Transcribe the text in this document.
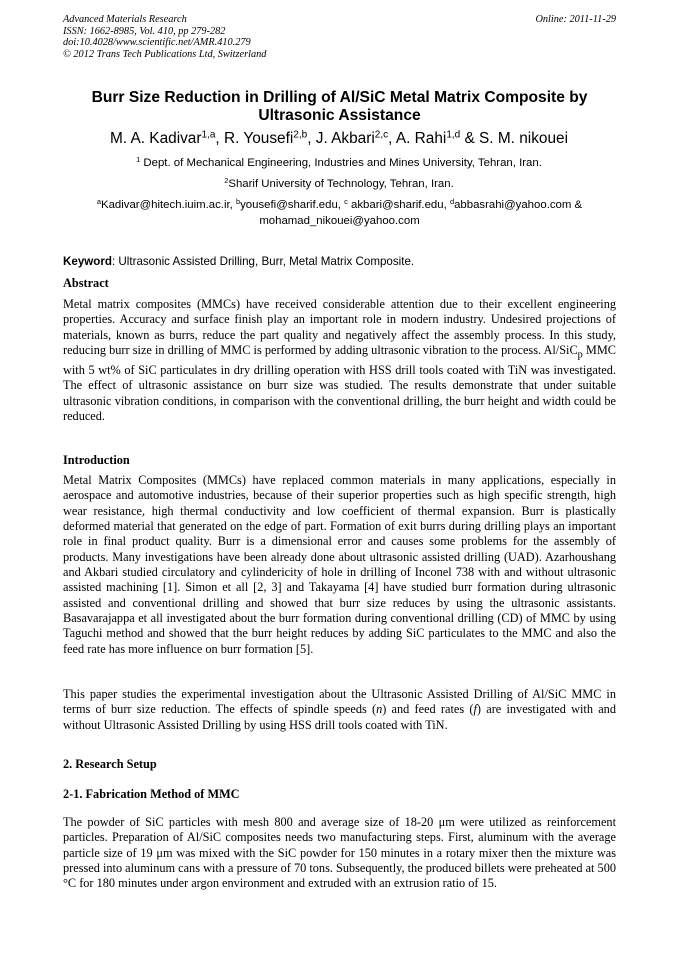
Advanced Materials Research
ISSN: 1662-8985, Vol. 410, pp 279-282
doi:10.4028/www.scientific.net/AMR.410.279
© 2012 Trans Tech Publications Ltd, Switzerland
Online: 2011-11-29
Burr Size Reduction in Drilling of Al/SiC Metal Matrix Composite by Ultrasonic Assistance
M. A. Kadivar$^{1,a}$, R. Yousefi$^{2,b}$, J. Akbari$^{2,c}$, A. Rahi$^{1,d}$ & S. M. nikouei
$^1$ Dept. of Mechanical Engineering, Industries and Mines University, Tehran, Iran.
$^2$Sharif University of Technology, Tehran, Iran.
$^a$Kadivar@hitech.iuim.ac.ir, $^b$yousefi@sharif.edu, $^c$ akbari@sharif.edu, $^d$abbasrahi@yahoo.com &
mohamad_nikouei@yahoo.com
Keyword: Ultrasonic Assisted Drilling, Burr, Metal Matrix Composite.
Abstract
Metal matrix composites (MMCs) have received considerable attention due to their excellent engineering properties. Accuracy and surface finish play an important role in modern industry. Undesired projections of materials, known as burrs, reduce the part quality and negatively affect the assembly process. In this study, reducing burr size in drilling of MMC is performed by adding ultrasonic vibration to the process. Al/SiC$_p$ MMC with 5 wt% of SiC particulates in dry drilling operation with HSS drill tools coated with TiN was investigated. The effect of ultrasonic assistance on burr size was studied. The results demonstrate that under suitable ultrasonic vibration conditions, in comparison with the conventional drilling, the burr height and width could be reduced.
Introduction
Metal Matrix Composites (MMCs) have replaced common materials in many applications, especially in aerospace and automotive industries, because of their superior properties such as high specific strength, high wear resistance, high thermal conductivity and low coefficient of thermal expansion. Burr is plastically deformed material that generated on the edge of part. Formation of exit burrs during drilling plays an important role in final product quality. Burr is a dimensional error and causes some problems for the assembly of products. Many investigations have been already done about ultrasonic assisted drilling (UAD). Azarhoushang and Akbari studied circulatory and cylindericity of hole in drilling of Inconel 738 with and without ultrasonic assisted machining [1]. Simon et all [2, 3] and Takayama [4] have studied burr formation during ultrasonic assisted and conventional drilling and showed that burr size reduces by using the ultrasonic assistants. Basavarajappa et all investigated about the burr formation during conventional drilling (CD) of MMC by using Taguchi method and showed that the burr height reduces by adding SiC particulates to the MMC and also the feed rate has more influence on burr formation [5].
This paper studies the experimental investigation about the Ultrasonic Assisted Drilling of Al/SiC MMC in terms of burr size reduction. The effects of spindle speeds (n) and feed rates (f) are investigated with and without Ultrasonic Assisted Drilling by using HSS drill tools coated with TiN.
2. Research Setup
2-1. Fabrication Method of MMC
The powder of SiC particles with mesh 800 and average size of 18-20 μm were utilized as reinforcement particles. Preparation of Al/SiC composites needs two manufacturing steps. First, aluminum with the average particle size of 19 μm was mixed with the SiC powder for 150 minutes in a rotary mixer then the mixture was pressed into aluminum cans with a pressure of 70 tons. Subsequently, the produced billets were preheated at 500 °C for 180 minutes under argon environment and extruded with an extrusion ratio of 15.
